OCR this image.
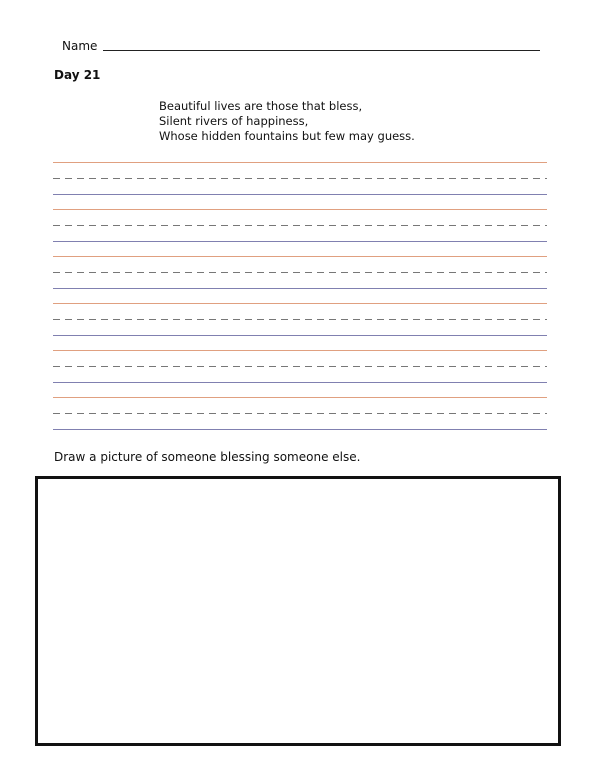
Name
Day 21
Beautiful lives are those that bless,
Silent rivers of happiness,
Whose hidden fountains but few may guess.
Draw a picture of someone blessing someone else.
